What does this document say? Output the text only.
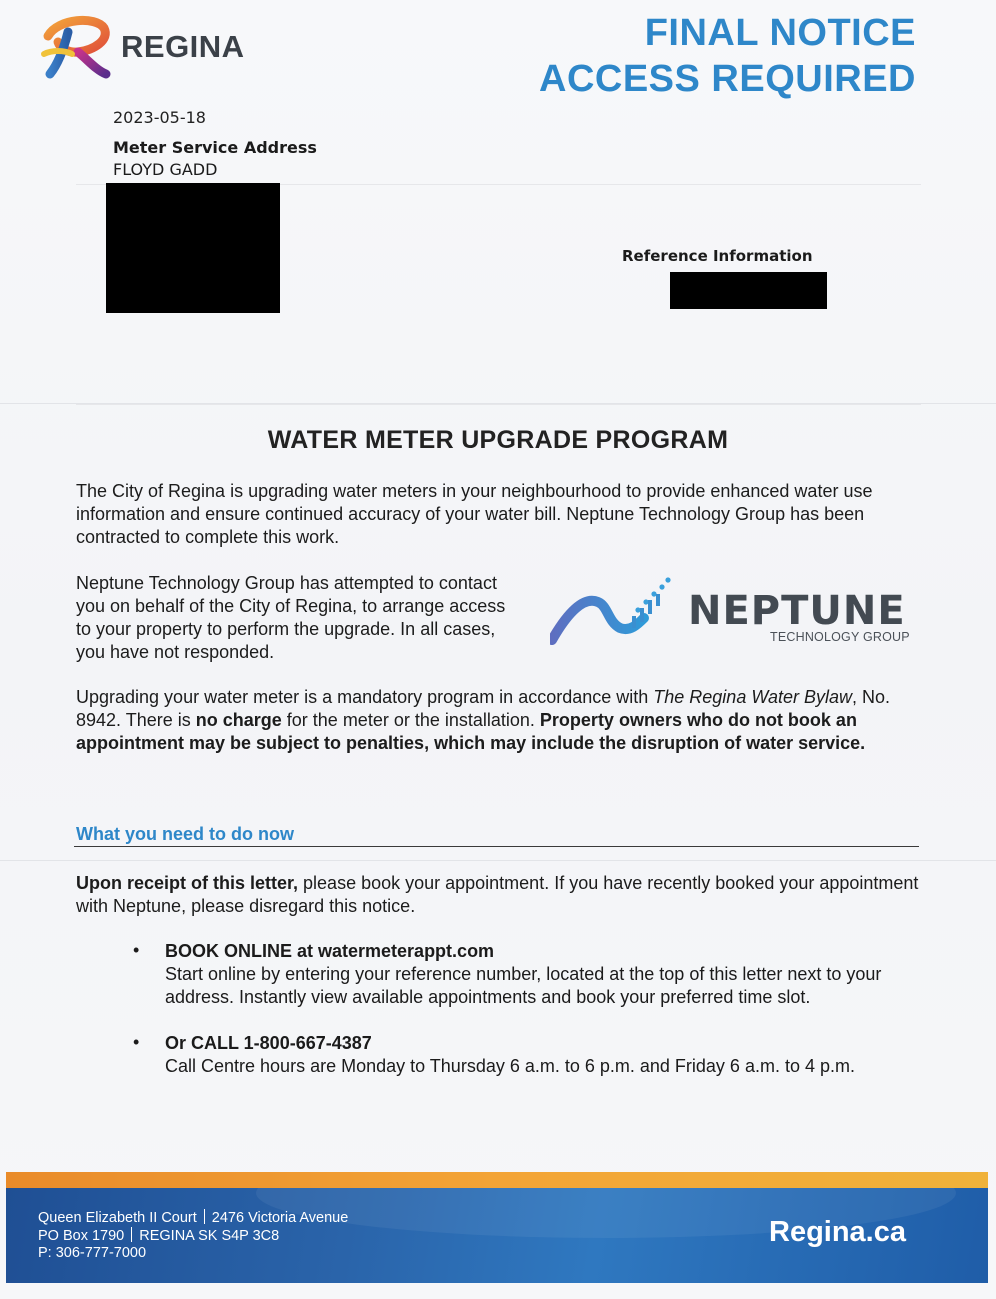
REGINA	FINAL NOTICE
ACCESS REQUIRED
2023-05-18
Meter Service Address
FLOYD GADD
Reference Information
WATER METER UPGRADE PROGRAM
The City of Regina is upgrading water meters in your neighbourhood to provide enhanced water use information and ensure continued accuracy of your water bill. Neptune Technology Group has been contracted to complete this work.
Neptune Technology Group has attempted to contact you on behalf of the City of Regina, to arrange access to your property to perform the upgrade. In all cases, you have not responded.
NEPTUNE
TECHNOLOGY GROUP
Upgrading your water meter is a mandatory program in accordance with The Regina Water Bylaw, No. 8942. There is no charge for the meter or the installation. Property owners who do not book an appointment may be subject to penalties, which may include the disruption of water service.
What you need to do now
Upon receipt of this letter, please book your appointment. If you have recently booked your appointment with Neptune, please disregard this notice.
• BOOK ONLINE at watermeterappt.com
Start online by entering your reference number, located at the top of this letter next to your address. Instantly view available appointments and book your preferred time slot.
• Or CALL 1-800-667-4387
Call Centre hours are Monday to Thursday 6 a.m. to 6 p.m. and Friday 6 a.m. to 4 p.m.
Queen Elizabeth II Court 2476 Victoria Avenue
PO Box 1790 REGINA SK S4P 3C8
P: 306-777-7000
Regina.ca
